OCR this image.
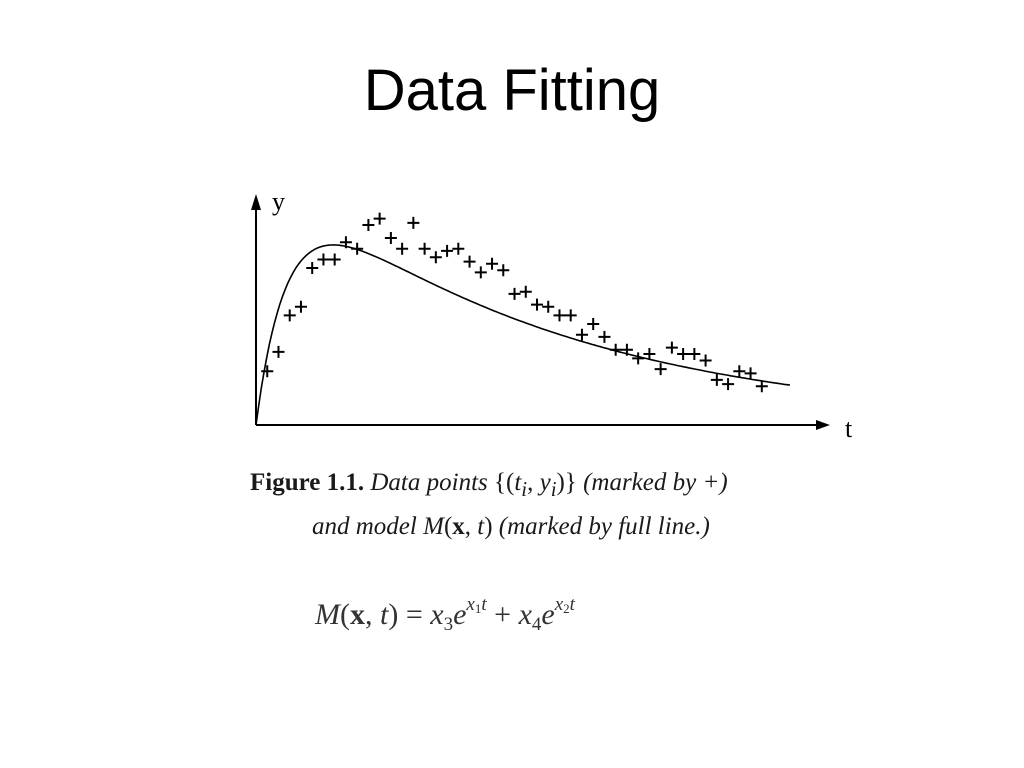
Data Fitting
y
t
Figure 1.1. Data points {($t_i$, $y_i$)} (marked by +)
and model M(x, t) (marked by full line.)
M(x, $t) = x_3e^{x_1t} + x_4e^{x_2t}$
